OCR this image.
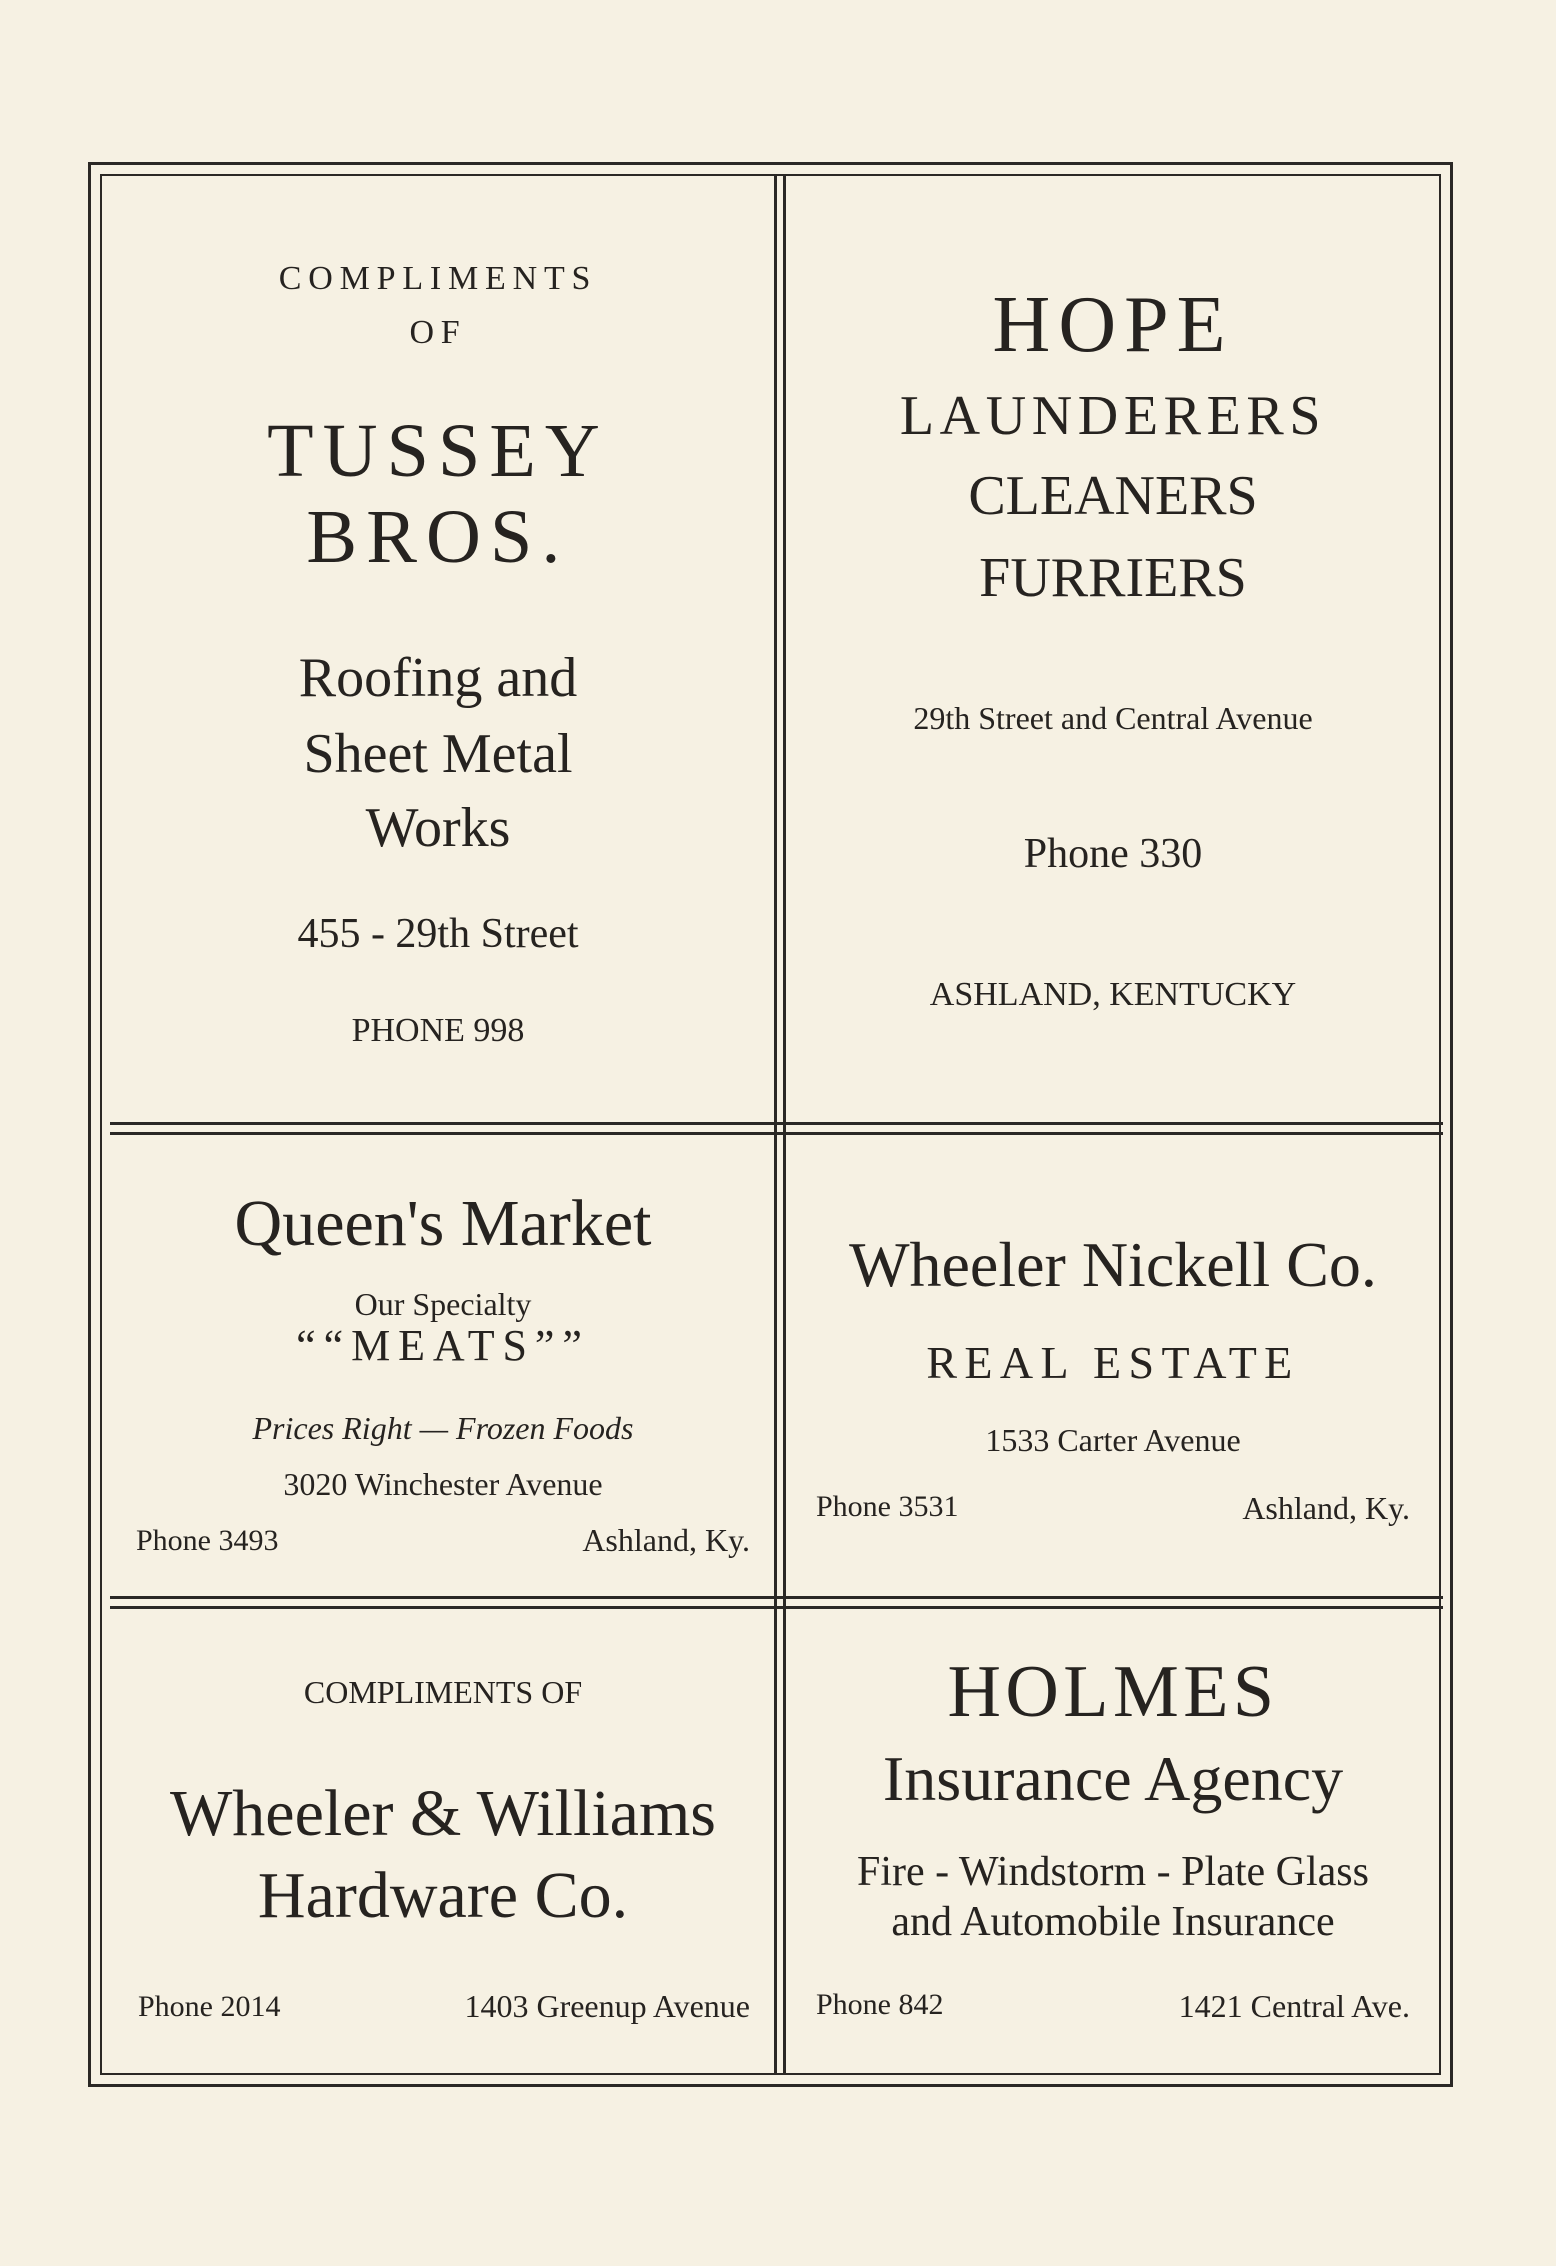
COMPLIMENTS
OF
TUSSEY
BROS.
Roofing and
Sheet Metal
Works
455 - 29th Street
PHONE 998
HOPE
LAUNDERERS
CLEANERS
FURRIERS
29th Street and Central Avenue
Phone 330
ASHLAND, KENTUCKY
Queen's Market
Our Specialty
““MEATS””
Prices Right — Frozen Foods
3020 Winchester Avenue
Phone 3493	Ashland, Ky.
Wheeler Nickell Co.
REAL ESTATE
1533 Carter Avenue
Phone 3531	Ashland, Ky.
COMPLIMENTS OF
Wheeler & Williams
Hardware Co.
Phone 2014	1403 Greenup Avenue
HOLMES
Insurance Agency
Fire - Windstorm - Plate Glass
and Automobile Insurance
Phone 842	1421 Central Ave.
